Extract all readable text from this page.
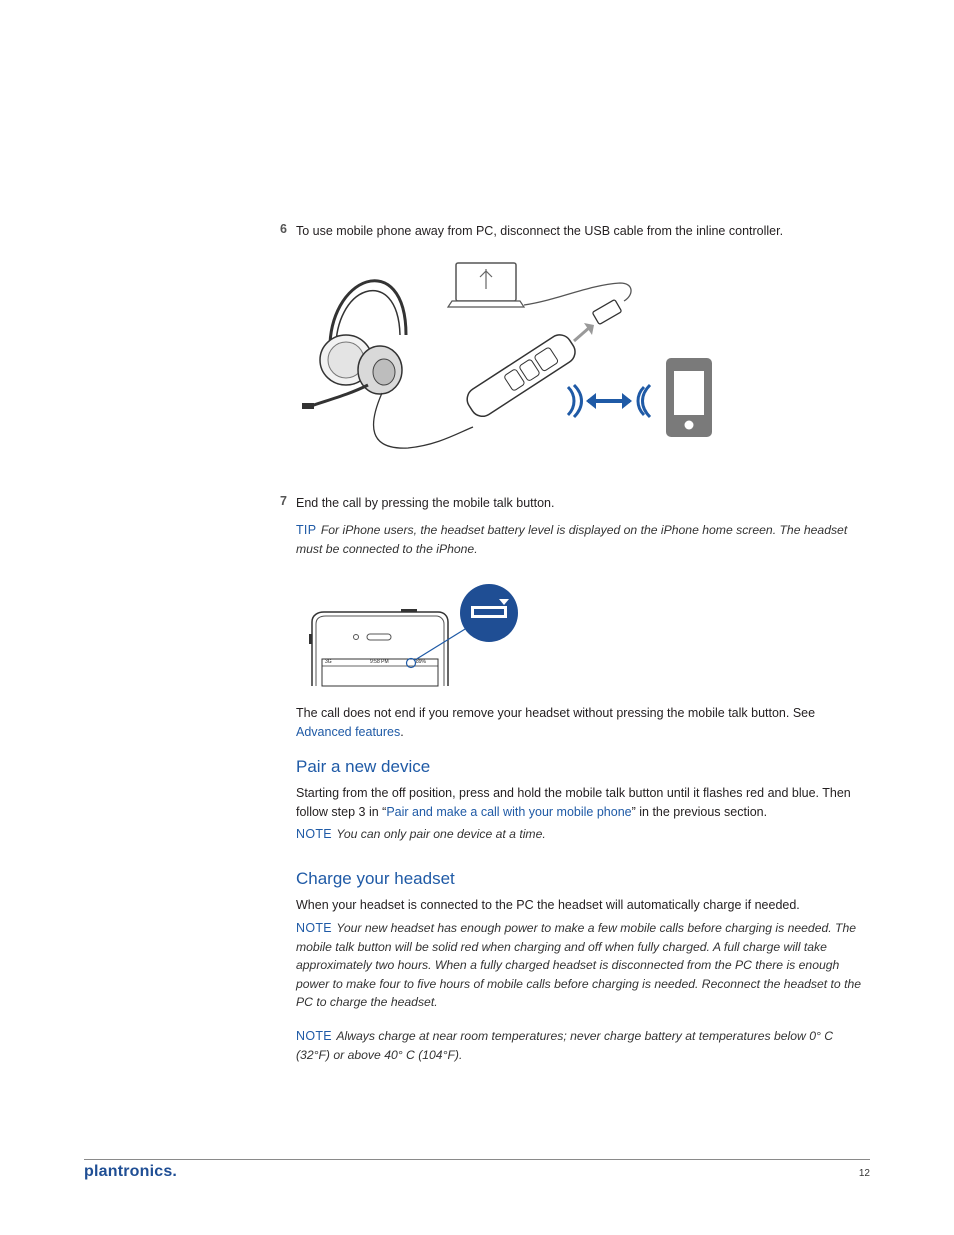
6 To use mobile phone away from PC, disconnect the USB cable from the inline controller.
7 End the call by pressing the mobile talk button.
TIP For iPhone users, the headset battery level is displayed on the iPhone home screen. The headset must be connected to the iPhone.
3G	9:58 PM	89%
The call does not end if you remove your headset without pressing the mobile talk button. See Advanced features.
Pair a new device
Starting from the off position, press and hold the mobile talk button until it flashes red and blue. Then follow step 3 in “Pair and make a call with your mobile phone” in the previous section.
NOTE You can only pair one device at a time.
Charge your headset
When your headset is connected to the PC the headset will automatically charge if needed.
NOTE Your new headset has enough power to make a few mobile calls before charging is needed. The mobile talk button will be solid red when charging and off when fully charged. A full charge will take approximately two hours. When a fully charged headset is disconnected from the PC there is enough power to make four to five hours of mobile calls before charging is needed. Reconnect the headset to the PC to charge the headset.
NOTE Always charge at near room temperatures; never charge battery at temperatures below 0° C (32°F) or above 40° C (104°F).
plantronics.	12
